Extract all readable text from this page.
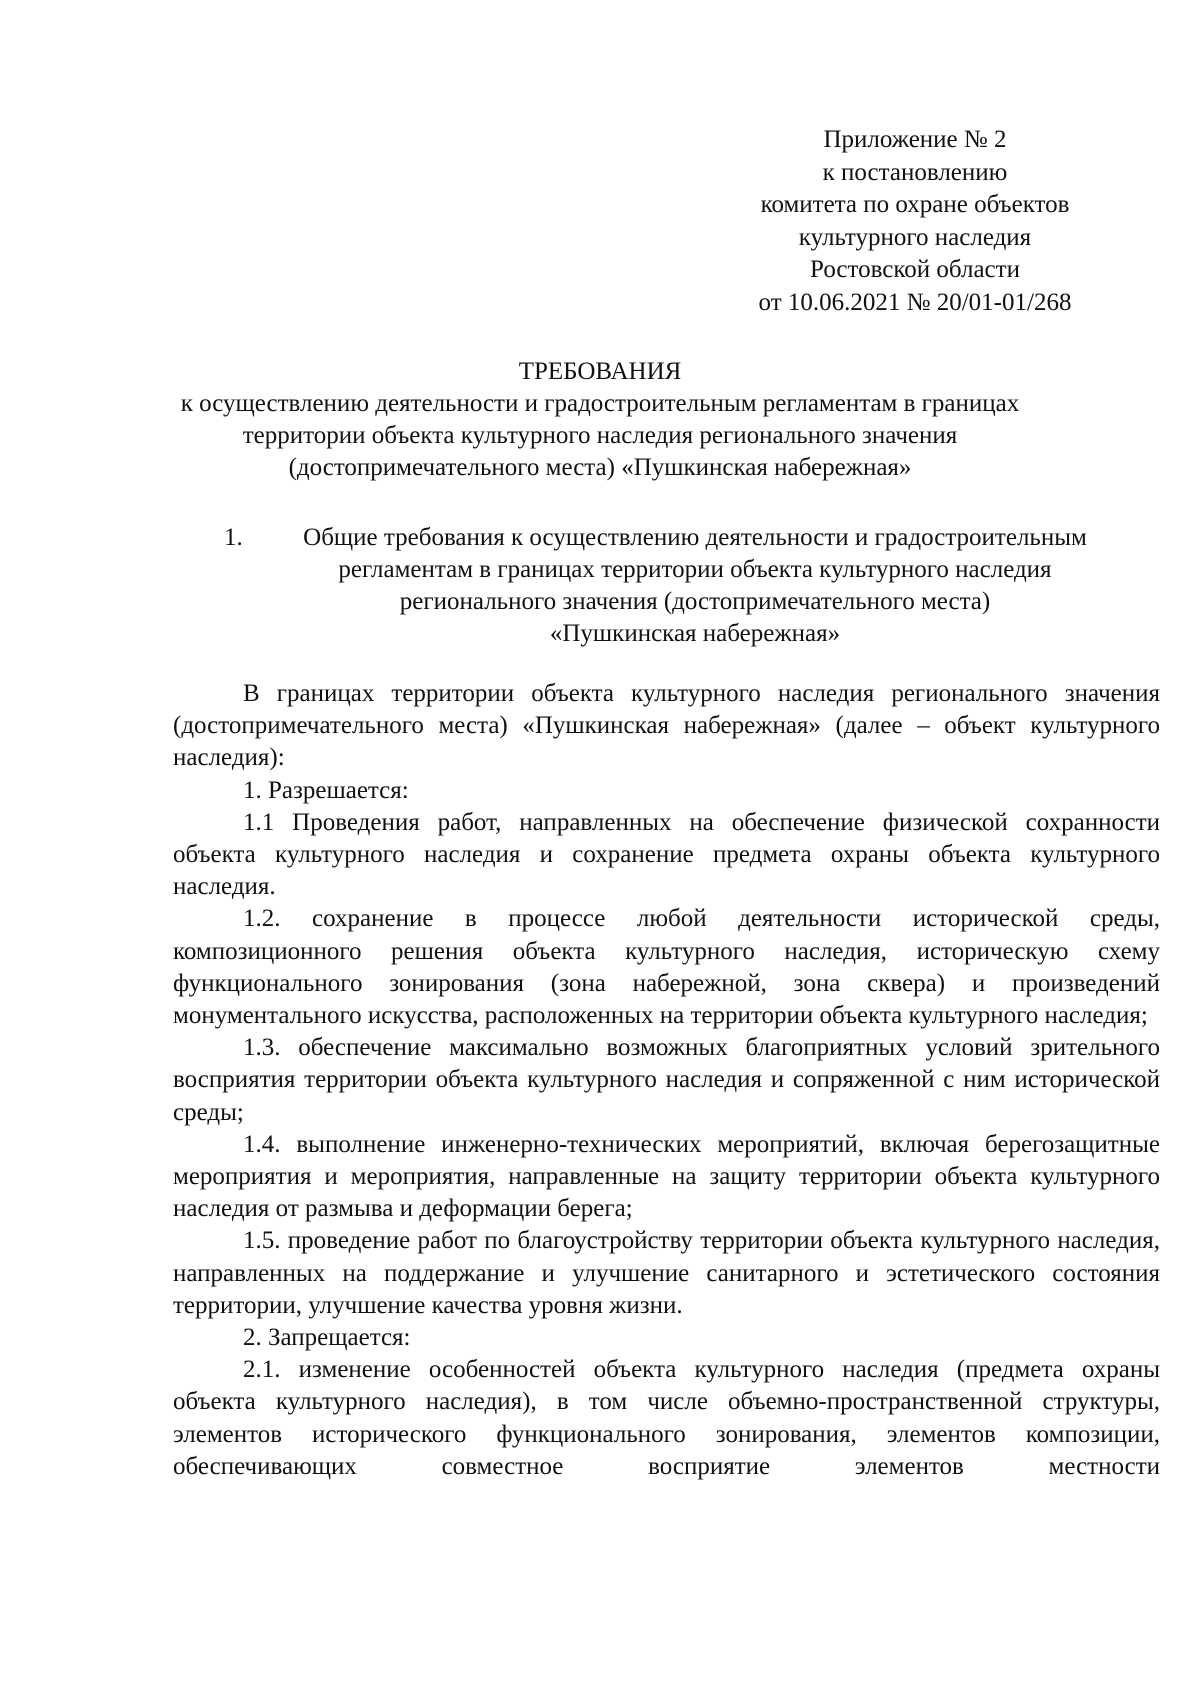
Приложение № 2
к постановлению
комитета по охране объектов
культурного наследия
Ростовской области
от 10.06.2021 № 20/01-01/268
ТРЕБОВАНИЯ
к осуществлению деятельности и градостроительным регламентам в границах
территории объекта культурного наследия регионального значения
(достопримечательного места) «Пушкинская набережная»
1.	Общие требования к осуществлению деятельности и градостроительным
регламентам в границах территории объекта культурного наследия
регионального значения (достопримечательного места)
«Пушкинская набережная»

В границах территории объекта культурного наследия регионального значения (достопримечательного места) «Пушкинская набережная» (далее – объект культурного наследия):

1. Разрешается:

1.1 Проведения работ, направленных на обеспечение физической сохранности объекта культурного наследия и сохранение предмета охраны объекта культурного наследия.

1.2. сохранение в процессе любой деятельности исторической среды, композиционного решения объекта культурного наследия, историческую схему функционального зонирования (зона набережной, зона сквера) и произведений монументального искусства, расположенных на территории объекта культурного наследия;

1.3. обеспечение максимально возможных благоприятных условий зрительного восприятия территории объекта культурного наследия и сопряженной с ним исторической среды;

1.4. выполнение инженерно-технических мероприятий, включая берегозащитные мероприятия и мероприятия, направленные на защиту территории объекта культурного наследия от размыва и деформации берега;

1.5. проведение работ по благоустройству территории объекта культурного наследия, направленных на поддержание и улучшение санитарного и эстетического состояния территории, улучшение качества уровня жизни.

2. Запрещается:

2.1. изменение особенностей объекта культурного наследия (предмета охраны объекта культурного наследия), в том числе объемно-пространственной структуры, элементов исторического функционального зонирования, элементов композиции, обеспечивающих совместное восприятие элементов местности
